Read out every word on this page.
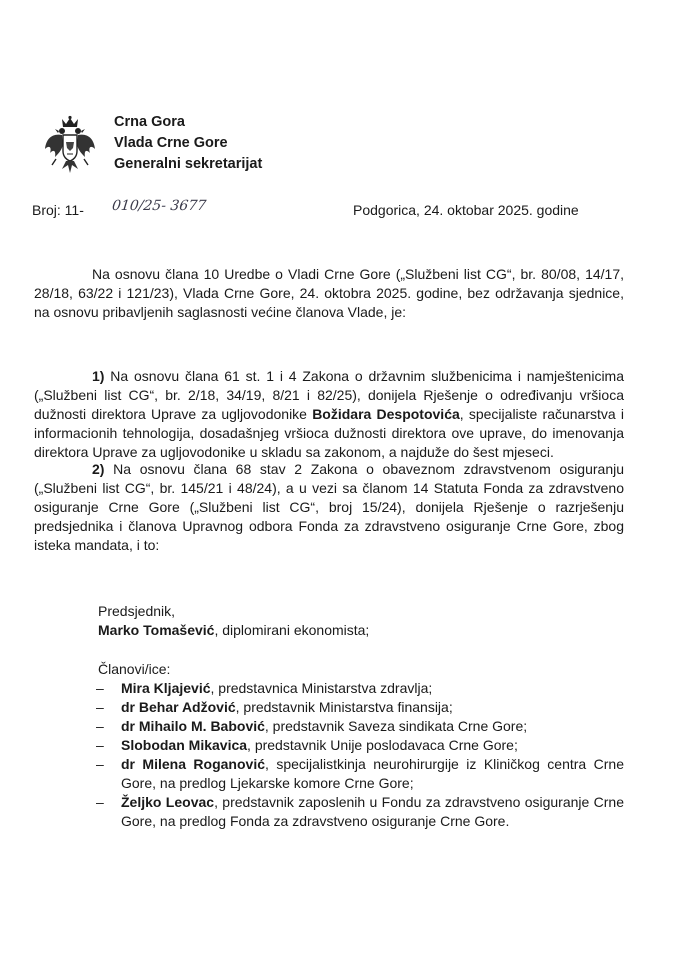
Crna Gora
Vlada Crne Gore
Generalni sekretarijat
Broj: 11- 010/25- 3677	Podgorica, 24. oktobar 2025. godine
Na osnovu člana 10 Uredbe o Vladi Crne Gore („Službeni list CG“, br. 80/08, 14/17, 28/18, 63/22 i 121/23), Vlada Crne Gore, 24. oktobra 2025. godine, bez održavanja sjednice, na osnovu pribavljenih saglasnosti većine članova Vlade, je:
1) Na osnovu člana 61 st. 1 i 4 Zakona o državnim službenicima i namještenicima („Službeni list CG“, br. 2/18, 34/19, 8/21 i 82/25), donijela Rješenje o određivanju vršioca dužnosti direktora Uprave za ugljovodonike Božidara Despotovića, specijaliste računarstva i informacionih tehnologija, dosadašnjeg vršioca dužnosti direktora ove uprave, do imenovanja direktora Uprave za ugljovodonike u skladu sa zakonom, a najduže do šest mjeseci.
2) Na osnovu člana 68 stav 2 Zakona o obaveznom zdravstvenom osiguranju („Službeni list CG“, br. 145/21 i 48/24), a u vezi sa članom 14 Statuta Fonda za zdravstveno osiguranje Crne Gore („Službeni list CG“, broj 15/24), donijela Rješenje o razrješenju predsjednika i članova Upravnog odbora Fonda za zdravstveno osiguranje Crne Gore, zbog isteka mandata, i to:
Predsjednik,
Marko Tomašević, diplomirani ekonomista;
Članovi/ice:
–	Mira Kljajević, predstavnica Ministarstva zdravlja;
–	dr Behar Adžović, predstavnik Ministarstva finansija;
–	dr Mihailo M. Babović, predstavnik Saveza sindikata Crne Gore;
–	Slobodan Mikavica, predstavnik Unije poslodavaca Crne Gore;
–	dr Milena Roganović, specijalistkinja neurohirurgije iz Kliničkog centra Crne Gore, na predlog Ljekarske komore Crne Gore;
–	Željko Leovac, predstavnik zaposlenih u Fondu za zdravstveno osiguranje Crne Gore, na predlog Fonda za zdravstveno osiguranje Crne Gore.
